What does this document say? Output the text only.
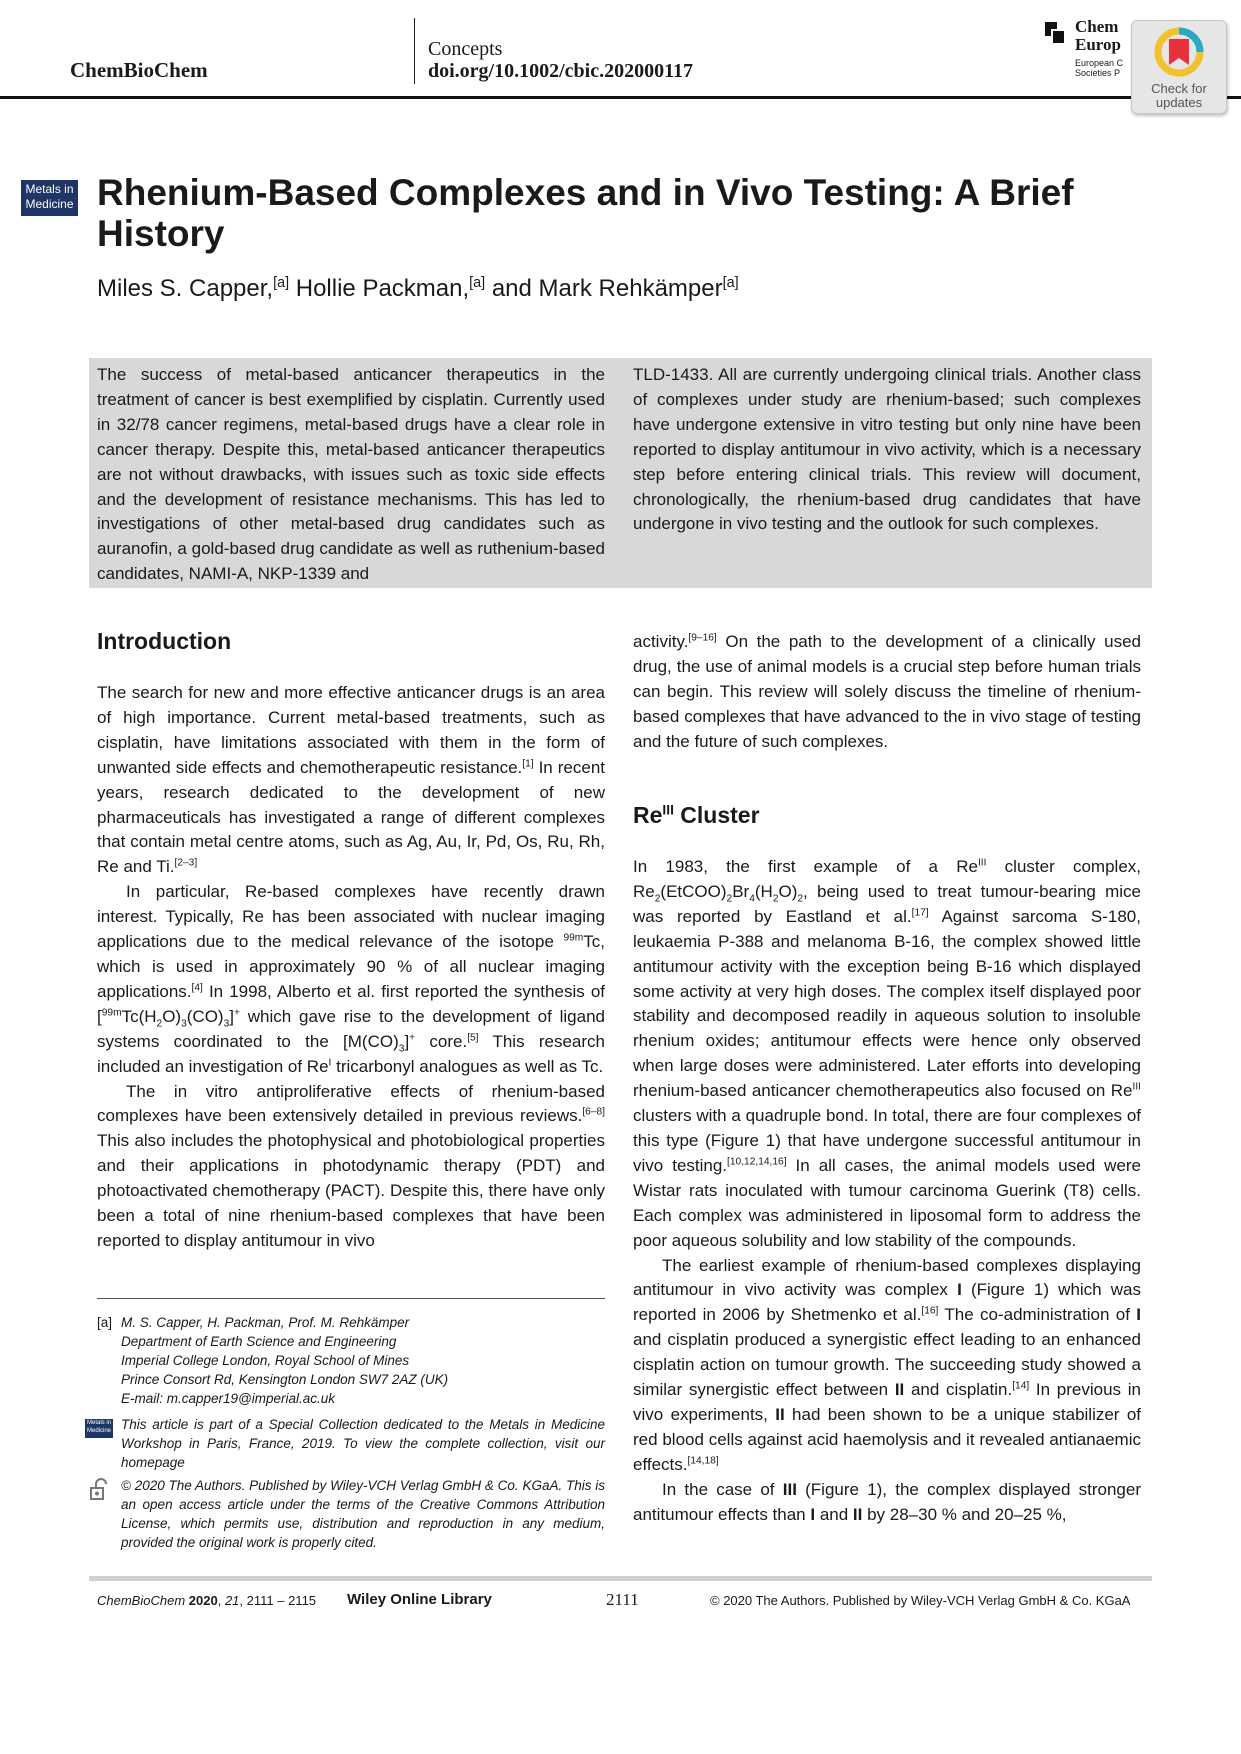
ChemBioChem
Concepts
doi.org/10.1002/cbic.202000117
Chem
Europ
European C
Societies P
Check for
updates
Metals in
Medicine Rhenium-Based Complexes and in Vivo Testing: A Brief History
Miles S. Capper,[a] Hollie Packman,[a] and Mark Rehkämper[a]
The success of metal-based anticancer therapeutics in the treatment of cancer is best exemplified by cisplatin. Currently used in 32/78 cancer regimens, metal-based drugs have a clear role in cancer therapy. Despite this, metal-based anticancer therapeutics are not without drawbacks, with issues such as toxic side effects and the development of resistance mechanisms. This has led to investigations of other metal-based drug candidates such as auranofin, a gold-based drug candidate as well as ruthenium-based candidates, NAMI-A, NKP-1339 and
TLD-1433. All are currently undergoing clinical trials. Another class of complexes under study are rhenium-based; such complexes have undergone extensive in vitro testing but only nine have been reported to display antitumour in vivo activity, which is a necessary step before entering clinical trials. This review will document, chronologically, the rhenium-based drug candidates that have undergone in vivo testing and the outlook for such complexes.
Introduction

The search for new and more effective anticancer drugs is an area of high importance. Current metal-based treatments, such as cisplatin, have limitations associated with them in the form of unwanted side effects and chemotherapeutic resistance.[1] In recent years, research dedicated to the development of new pharmaceuticals has investigated a range of different complexes that contain metal centre atoms, such as Ag, Au, Ir, Pd, Os, Ru, Rh, Re and Ti.[2–3]

In particular, Re-based complexes have recently drawn interest. Typically, Re has been associated with nuclear imaging applications due to the medical relevance of the isotope $^{99m}$Tc, which is used in approximately 90 % of all nuclear imaging applications.[4] In 1998, Alberto et al. first reported the synthesis of $[^{99m}Tc(H_2O)_3(CO)_3]^+$ which gave rise to the development of ligand systems coordinated to the $[M(CO)_3]^+$ core.[5] This research included an investigation of $Re^I$ tricarbonyl analogues as well as Tc.

The in vitro antiproliferative effects of rhenium-based complexes have been extensively detailed in previous reviews.[6–8] This also includes the photophysical and photobiological properties and their applications in photodynamic therapy (PDT) and photoactivated chemotherapy (PACT). Despite this, there have only been a total of nine rhenium-based complexes that have been reported to display antitumour in vivo

activity.[9–16] On the path to the development of a clinically used drug, the use of animal models is a crucial step before human trials can begin. This review will solely discuss the timeline of rhenium-based complexes that have advanced to the in vivo stage of testing and the future of such complexes.

$Re^{III}$ Cluster

In 1983, the first example of a $Re^{III}$ cluster complex, $Re_2(EtCOO)_2Br_4(H_2O)_2$, being used to treat tumour-bearing mice was reported by Eastland et al.[17] Against sarcoma S-180, leukaemia P-388 and melanoma B-16, the complex showed little antitumour activity with the exception being B-16 which displayed some activity at very high doses. The complex itself displayed poor stability and decomposed readily in aqueous solution to insoluble rhenium oxides; antitumour effects were hence only observed when large doses were administered. Later efforts into developing rhenium-based anticancer chemotherapeutics also focused on $Re^{III}$ clusters with a quadruple bond. In total, there are four complexes of this type (Figure 1) that have undergone successful antitumour in vivo testing.[10,12,14,16] In all cases, the animal models used were Wistar rats inoculated with tumour carcinoma Guerink (T8) cells. Each complex was administered in liposomal form to address the poor aqueous solubility and low stability of the compounds.

The earliest example of rhenium-based complexes displaying antitumour in vivo activity was complex I (Figure 1) which was reported in 2006 by Shetmenko et al.[16] The co-administration of I and cisplatin produced a synergistic effect leading to an enhanced cisplatin action on tumour growth. The succeeding study showed a similar synergistic effect between II and cisplatin.[14] In previous in vivo experiments, II had been shown to be a unique stabilizer of red blood cells against acid haemolysis and it revealed antianaemic effects.[14,18]

In the case of III (Figure 1), the complex displayed stronger antitumour effects than I and II by 28–30 % and 20–25 %,

[a] M. S. Capper, H. Packman, Prof. M. Rehkämper
Department of Earth Science and Engineering
Imperial College London, Royal School of Mines
Prince Consort Rd, Kensington London SW7 2AZ (UK)
E-mail: m.capper19@imperial.ac.uk
Metals in
Medicine This article is part of a Special Collection dedicated to the Metals in Medicine Workshop in Paris, France, 2019. To view the complete collection, visit our homepage
© 2020 The Authors. Published by Wiley-VCH Verlag GmbH & Co. KGaA. This is an open access article under the terms of the Creative Commons Attribution License, which permits use, distribution and reproduction in any medium, provided the original work is properly cited.
ChemBioChem 2020, 21, 2111 – 2115 Wiley Online Library	2111	© 2020 The Authors. Published by Wiley-VCH Verlag GmbH & Co. KGaA
